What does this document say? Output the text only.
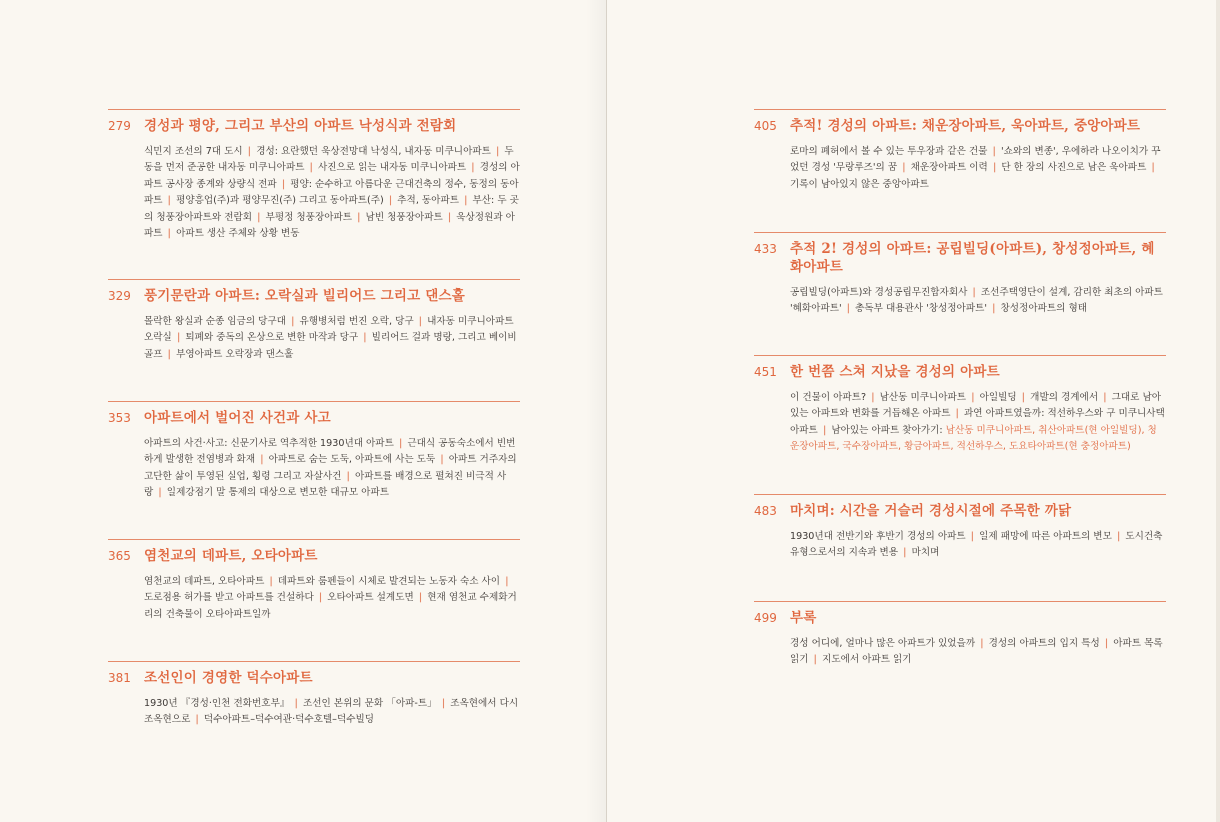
279 경성과 평양, 그리고 부산의 아파트 낙성식과 전람회
식민지 조선의 7대 도시 | 경성: 요란했던 욱상전망대 낙성식, 내자동 미쿠니아파트 | 두 동을 먼저 준공한 내자동 미쿠니아파트 | 사진으로 읽는 내자동 미쿠니아파트 | 경성의 아파트 공사장 종계와 상량식 전파 | 평양: 순수하고 아름다운 근대건축의 정수, 동정의 동아파트 | 평양흥업(주)과 평양무진(주) 그리고 동아파트(주) | 추적, 동아파트 | 부산: 두 곳의 청풍장아파트와 전람회 | 부평정 청풍장아파트 | 남빈 청풍장아파트 | 욱상정원과 아파트 | 아파트 생산 주체와 상황 변동
329 풍기문란과 아파트: 오락실과 빌리어드 그리고 댄스홀
몰락한 왕실과 순종 임금의 당구대 | 유행병처럼 번진 오락, 당구 | 내자동 미쿠니아파트 오락실 | 퇴폐와 중독의 온상으로 변한 마작과 당구 | 빌리어드 걸과 명랑, 그리고 베이비골프 | 부영아파트 오락장과 댄스홀
353 아파트에서 벌어진 사건과 사고
아파트의 사건·사고: 신문기사로 역추적한 1930년대 아파트 | 근대식 공동숙소에서 빈번하게 발생한 전염병과 화재 | 아파트로 숨는 도둑, 아파트에 사는 도둑 | 아파트 거주자의 고단한 삶이 투영된 실업, 횡령 그리고 자살사건 | 아파트를 배경으로 펼쳐진 비극적 사랑 | 일제강점기 말 통제의 대상으로 변모한 대규모 아파트
365 염천교의 데파트, 오타아파트
염천교의 데파트, 오타아파트 | 데파트와 룸펜들이 시체로 발견되는 노동자 숙소 사이 |도로점용 허가를 받고 아파트를 건설하다 | 오타아파트 설계도면 | 현재 염천교 수제화거리의 건축물이 오타아파트일까
381 조선인이 경영한 덕수아파트
1930년 『경성·인천 전화번호부』 | 조선인 본위의 문화 「아파-트」 | 조옥현에서 다시 조옥현으로 | 덕수아파트–덕수여관·덕수호텔–덕수빌딩
405 추적! 경성의 아파트: 채운장아파트, 욱아파트, 중앙아파트
로마의 폐허에서 볼 수 있는 투우장과 같은 건물 | '쇼와의 변종', 우에하라 나오이치가 꾸었던 경성 '무랑루즈'의 꿈 | 채운장아파트 이력 | 단 한 장의 사진으로 남은 욱아파트 |기록이 남아있지 않은 중앙아파트
433 추적 2! 경성의 아파트: 공립빌딩(아파트), 창성정아파트, 혜화아파트
공립빌딩(아파트)와 경성공립무진합자회사 | 조선주택영단이 설계, 감리한 최초의 아파트 '혜화아파트' | 총독부 대용관사 '창성정아파트' | 창성정아파트의 형태
451 한 번쯤 스쳐 지났을 경성의 아파트
이 건물이 아파트? | 남산동 미쿠니아파트 | 아일빌딩 | 개발의 경계에서 | 그대로 남아있는 아파트와 변화를 거듭해온 아파트 | 과연 아파트였을까: 적선하우스와 구 미쿠니사택 아파트 | 남아있는 아파트 찾아가기: 남산동 미쿠니아파트, 취산아파트(현 아일빌딩), 청운장아파트, 국수장아파트, 황금아파트, 적선하우스, 도요타아파트(현 충정아파트)
483 마치며: 시간을 거슬러 경성시절에 주목한 까닭
1930년대 전반기와 후반기 경성의 아파트 | 일제 패망에 따른 아파트의 변모 | 도시건축 유형으로서의 지속과 변용 | 마치며
499 부록
경성 어디에, 얼마나 많은 아파트가 있었을까 | 경성의 아파트의 입지 특성 | 아파트 목록 읽기 | 지도에서 아파트 읽기
